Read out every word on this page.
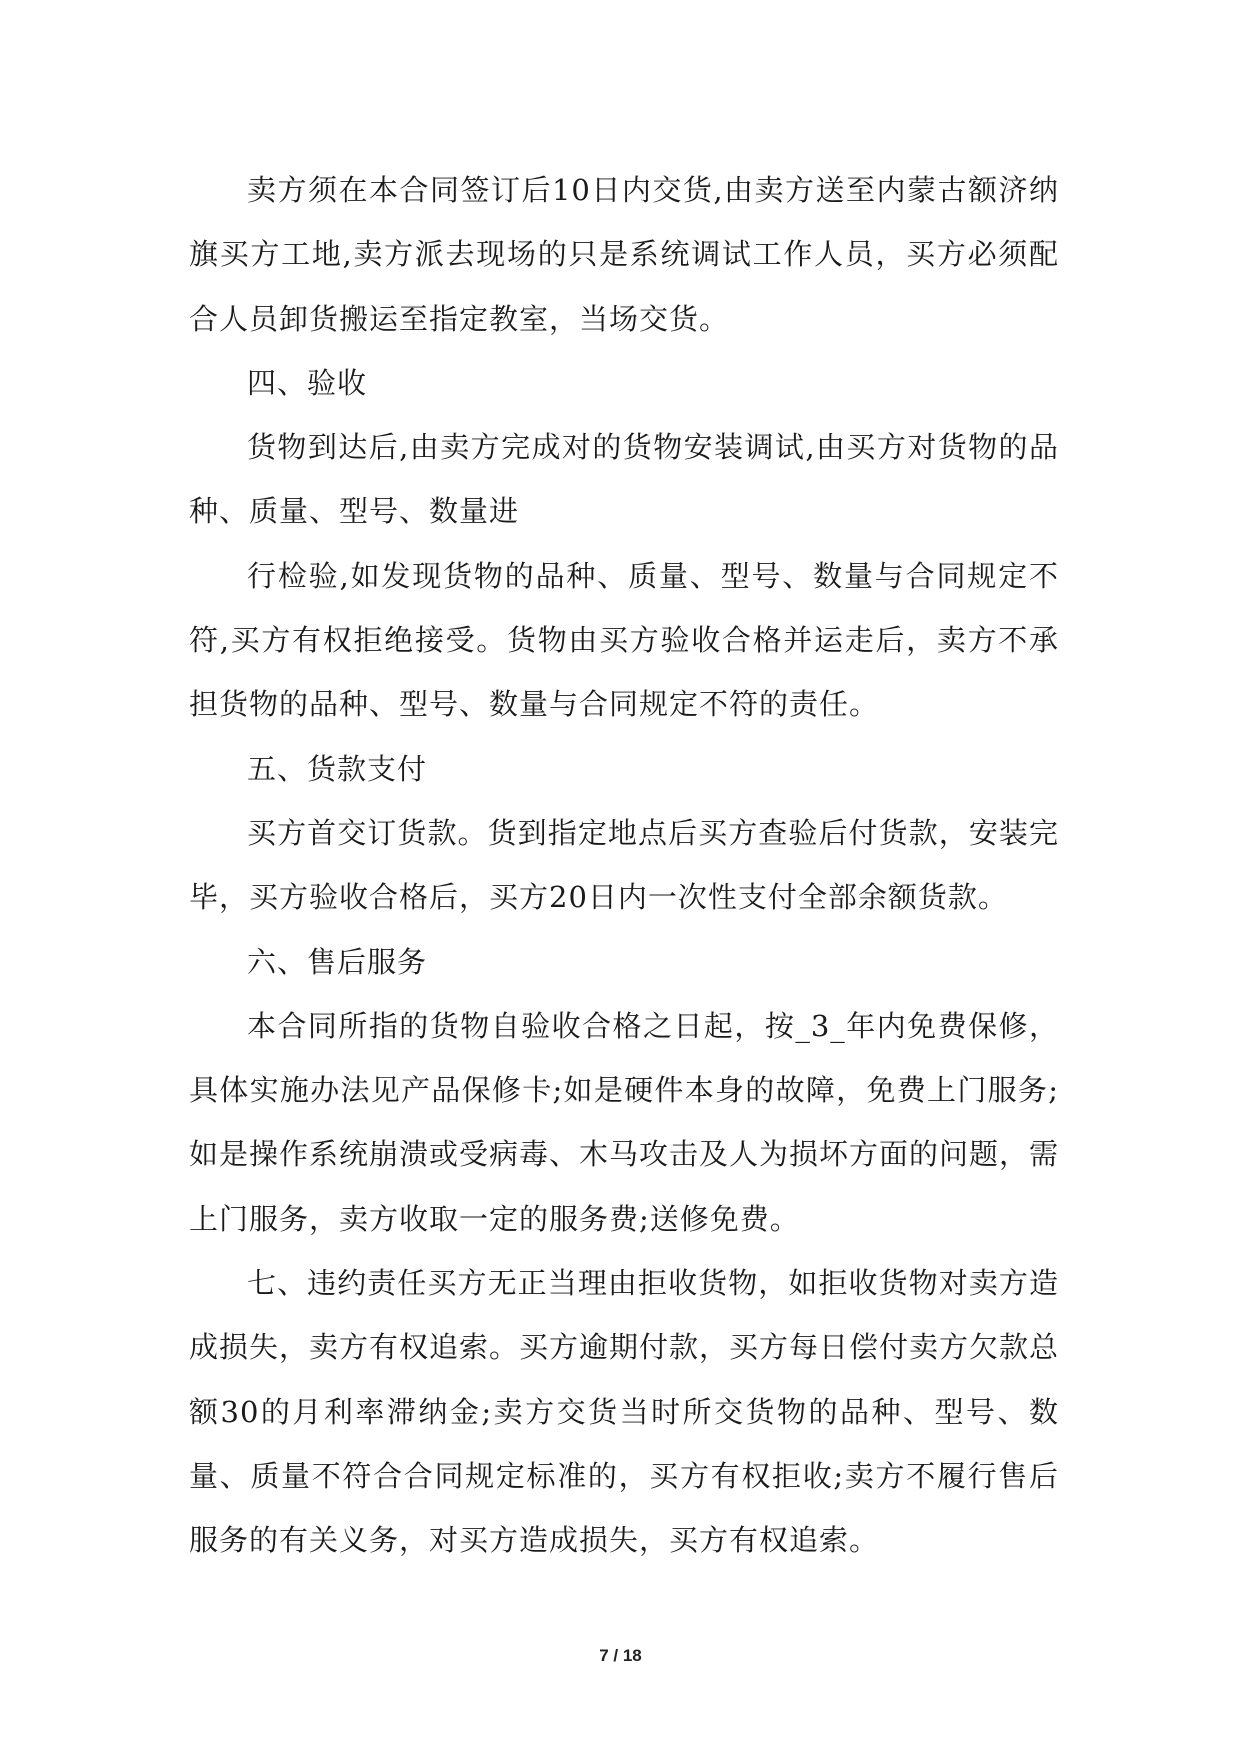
卖方须在本合同签订后10日内交货,由卖方送至内蒙古额济纳旗买方工地,卖方派去现场的只是系统调试工作人员，买方必须配合人员卸货搬运至指定教室，当场交货。

四、验收

货物到达后,由卖方完成对的货物安装调试,由买方对货物的品种、质量、型号、数量进

行检验,如发现货物的品种、质量、型号、数量与合同规定不符,买方有权拒绝接受。货物由买方验收合格并运走后，卖方不承担货物的品种、型号、数量与合同规定不符的责任。

五、货款支付

买方首交订货款。货到指定地点后买方查验后付货款，安装完毕，买方验收合格后，买方20日内一次性支付全部余额货款。

六、售后服务

本合同所指的货物自验收合格之日起，按_3_年内免费保修，具体实施办法见产品保修卡;如是硬件本身的故障，免费上门服务;如是操作系统崩溃或受病毒、木马攻击及人为损坏方面的问题，需上门服务，卖方收取一定的服务费;送修免费。

七、违约责任买方无正当理由拒收货物，如拒收货物对卖方造成损失，卖方有权追索。买方逾期付款，买方每日偿付卖方欠款总额30的月利率滞纳金;卖方交货当时所交货物的品种、型号、数量、质量不符合合同规定标准的，买方有权拒收;卖方不履行售后服务的有关义务，对买方造成损失，买方有权追索。

7 / 18
